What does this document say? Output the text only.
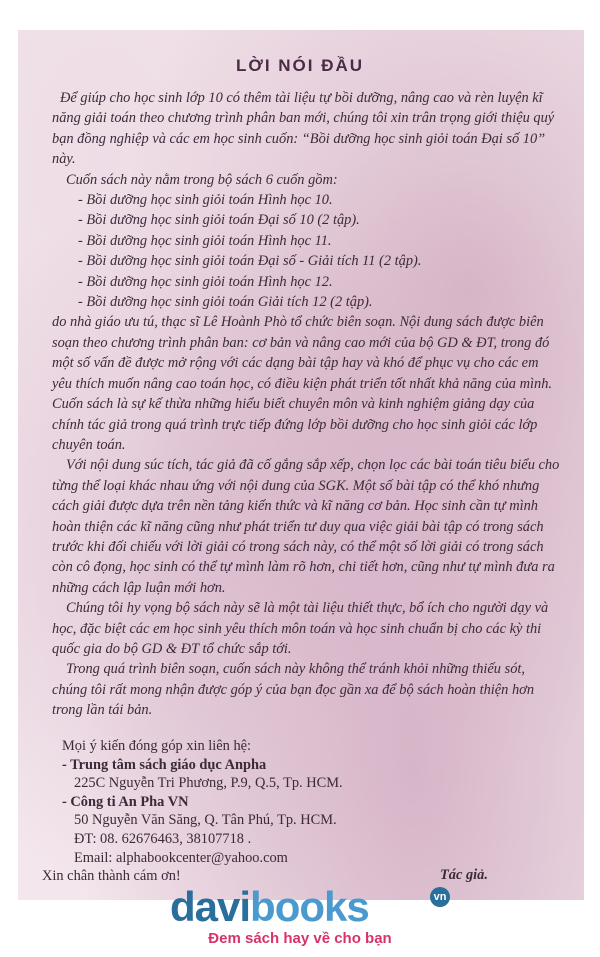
LỜI NÓI ĐẦU

Để giúp cho học sinh lớp 10 có thêm tài liệu tự bồi dưỡng, nâng cao và rèn luyện kĩ năng giải toán theo chương trình phân ban mới, chúng tôi xin trân trọng giới thiệu quý bạn đồng nghiệp và các em học sinh cuốn: “Bồi dưỡng học sinh giỏi toán Đại số 10” này.

Cuốn sách này nằm trong bộ sách 6 cuốn gồm:

- Bồi dưỡng học sinh giỏi toán Hình học 10.
- Bồi dưỡng học sinh giỏi toán Đại số 10 (2 tập).
- Bồi dưỡng học sinh giỏi toán Hình học 11.
- Bồi dưỡng học sinh giỏi toán Đại số - Giải tích 11 (2 tập).
- Bồi dưỡng học sinh giỏi toán Hình học 12.
- Bồi dưỡng học sinh giỏi toán Giải tích 12 (2 tập).

do nhà giáo ưu tú, thạc sĩ Lê Hoành Phò tổ chức biên soạn. Nội dung sách được biên soạn theo chương trình phân ban: cơ bản và nâng cao mới của bộ GD & ĐT, trong đó một số vấn đề được mở rộng với các dạng bài tập hay và khó để phục vụ cho các em yêu thích muốn nâng cao toán học, có điều kiện phát triển tốt nhất khả năng của mình. Cuốn sách là sự kế thừa những hiểu biết chuyên môn và kinh nghiệm giảng dạy của chính tác giả trong quá trình trực tiếp đứng lớp bồi dưỡng cho học sinh giỏi các lớp chuyên toán.

Với nội dung súc tích, tác giả đã cố gắng sắp xếp, chọn lọc các bài toán tiêu biểu cho từng thể loại khác nhau ứng với nội dung của SGK. Một số bài tập có thể khó nhưng cách giải được dựa trên nền tảng kiến thức và kĩ năng cơ bản. Học sinh cần tự mình hoàn thiện các kĩ năng cũng như phát triển tư duy qua việc giải bài tập có trong sách trước khi đối chiếu với lời giải có trong sách này, có thể một số lời giải có trong sách còn cô đọng, học sinh có thể tự mình làm rõ hơn, chi tiết hơn, cũng như tự mình đưa ra những cách lập luận mới hơn.

Chúng tôi hy vọng bộ sách này sẽ là một tài liệu thiết thực, bổ ích cho người dạy và học, đặc biệt các em học sinh yêu thích môn toán và học sinh chuẩn bị cho các kỳ thi quốc gia do bộ GD & ĐT tổ chức sắp tới.

Trong quá trình biên soạn, cuốn sách này không thể tránh khỏi những thiếu sót, chúng tôi rất mong nhận được góp ý của bạn đọc gần xa để bộ sách hoàn thiện hơn trong lần tái bản.

Mọi ý kiến đóng góp xin liên hệ:
- Trung tâm sách giáo dục Anpha
225C Nguyễn Tri Phương, P.9, Q.5, Tp. HCM.
- Công ti An Pha VN
50 Nguyễn Văn Săng, Q. Tân Phú, Tp. HCM.
ĐT: 08. 62676463, 38107718 .
Email: alphabookcenter@yahoo.com
Xin chân thành cám ơn!	Tác giả.
davibooks	vn
Đem sách hay về cho bạn
